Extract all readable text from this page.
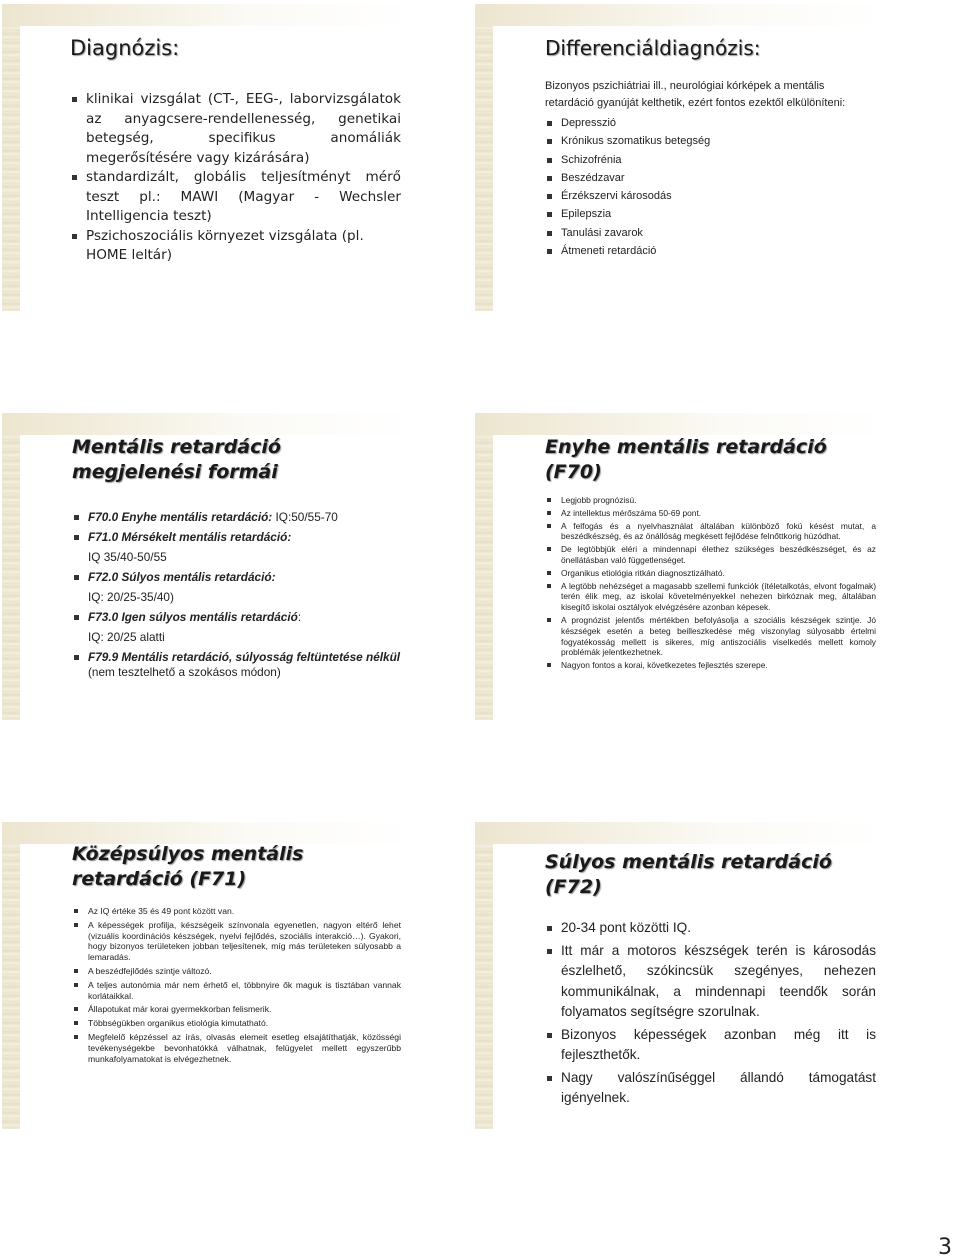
Diagnózis:
klinikai vizsgálat (CT-, EEG-, laborvizsgálatok az anyagcsere-rendellenesség, genetikai betegség, specifikus anomáliák megerősítésére vagy kizárására)
standardizált, globális teljesítményt mérő teszt pl.: MAWI (Magyar - Wechsler Intelligencia teszt)
Pszichoszociális környezet vizsgálata (pl. HOME leltár)
Differenciáldiagnózis:
Bizonyos pszichiátriai ill., neurológiai kórképek a mentális retardáció gyanúját kelthetik, ezért fontos ezektől elkülöníteni:
Depresszió
Krónikus szomatikus betegség
Schizofrénia
Beszédzavar
Érzékszervi károsodás
Epilepszia
Tanulási zavarok
Átmeneti retardáció
Mentális retardáció megjelenési formái
F70.0 Enyhe mentális retardáció: IQ:50/55-70
F71.0 Mérsékelt mentális retardáció:
IQ 35/40-50/55
F72.0 Súlyos mentális retardáció:
IQ: 20/25-35/40)
F73.0 Igen súlyos mentális retardáció:
IQ: 20/25 alatti
F79.9 Mentális retardáció, súlyosság feltüntetése nélkül (nem tesztelhető a szokásos módon)
Enyhe mentális retardáció (F70)
Legjobb prognózisú.
Az intellektus mérőszáma 50-69 pont.
A felfogás és a nyelvhasználat általában különböző fokú késést mutat, a beszédkészség, és az önállóság megkésett fejlődése felnőttkorig húzódhat.
De legtöbbjük eléri a mindennapi élethez szükséges beszédkészséget, és az önellátásban való függetlenséget.
Organikus etiológia ritkán diagnosztizálható.
A legtöbb nehézséget a magasabb szellemi funkciók (ítéletalkotás, elvont fogalmak) terén élik meg, az iskolai követelményekkel nehezen birkóznak meg, általában kisegítő iskolai osztályok elvégzésére azonban képesek.
A prognózist jelentős mértékben befolyásolja a szociális készségek szintje. Jó készségek esetén a beteg beilleszkedése még viszonylag súlyosabb értelmi fogyatékosság mellett is sikeres, míg antiszociális viselkedés mellett komoly problémák jelentkezhetnek.
Nagyon fontos a korai, következetes fejlesztés szerepe.
Középsúlyos mentális retardáció (F71)
Az IQ értéke 35 és 49 pont között van.
A képességek profilja, készségeik színvonala egyenetlen, nagyon eltérő lehet (vizuális koordinációs készségek, nyelvi fejlődés, szociális interakció…). Gyakori, hogy bizonyos területeken jobban teljesítenek, míg más területeken súlyosabb a lemaradás.
A beszédfejlődés szintje változó.
A teljes autonómia már nem érhető el, többnyire ők maguk is tisztában vannak korlátaikkal.
Állapotukat már korai gyermekkorban felismerik.
Többségükben organikus etiológia kimutatható.
Megfelelő képzéssel az írás, olvasás elemeit esetleg elsajátíthatják, közösségi tevékenységekbe bevonhatókká válhatnak, felügyelet mellett egyszerűbb munkafolyamatokat is elvégezhetnek.
Súlyos mentális retardáció (F72)
20-34 pont közötti IQ.
Itt már a motoros készségek terén is károsodás észlelhető, szókincsük szegényes, nehezen kommunikálnak, a mindennapi teendők során folyamatos segítségre szorulnak.
Bizonyos képességek azonban még itt is fejleszthetők.
Nagy valószínűséggel állandó támogatást igényelnek.
3
